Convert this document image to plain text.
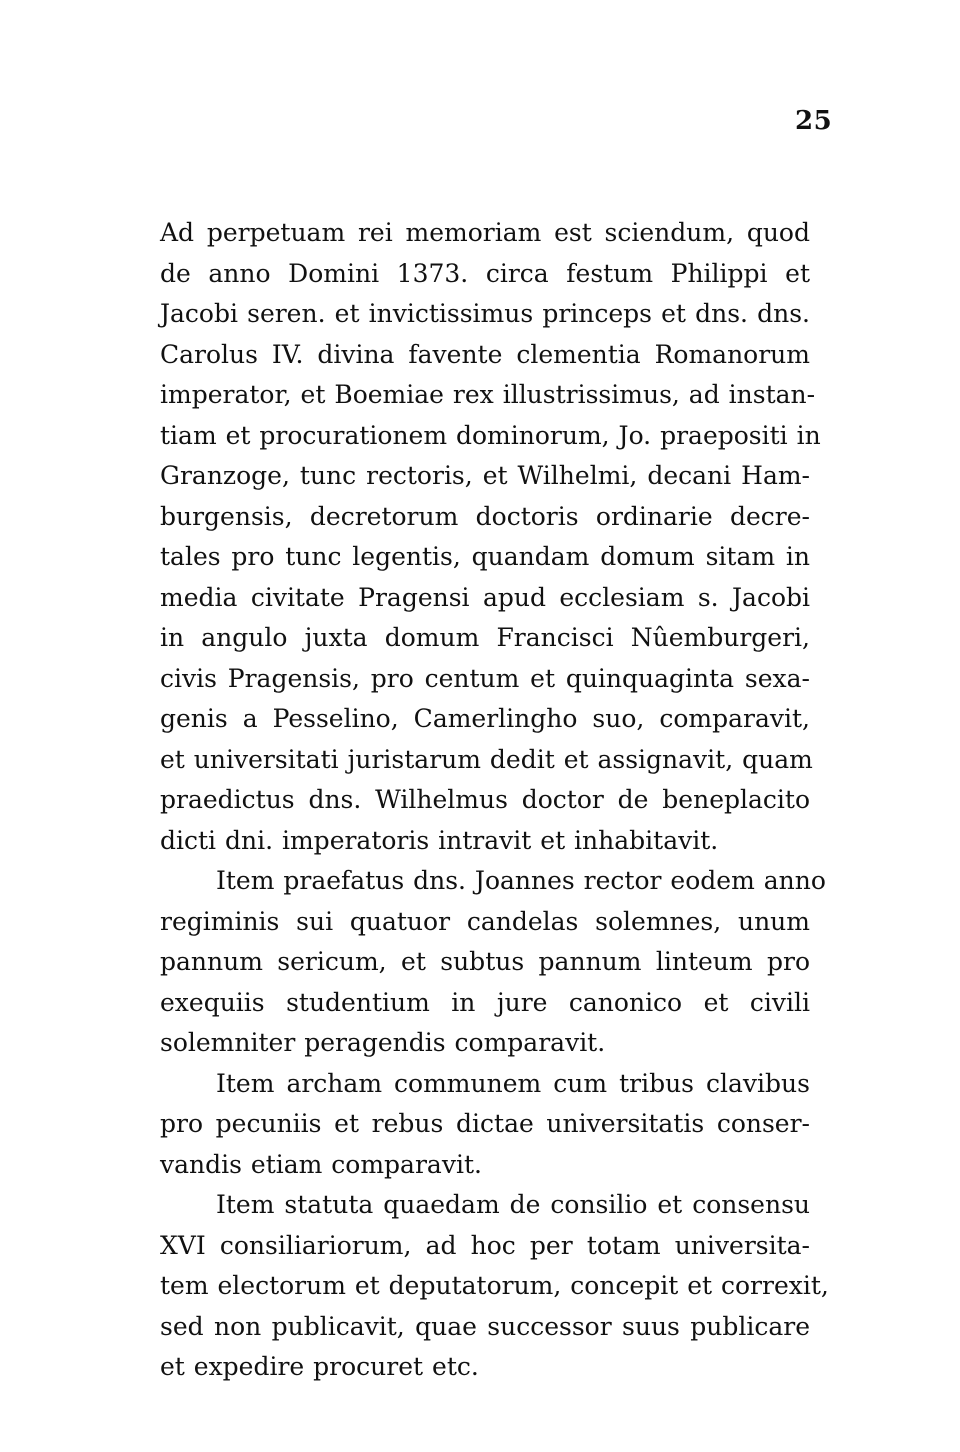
25

Ad perpetuam rei memoriam est sciendum, quod
de anno Domini 1373. circa festum Philippi et
Jacobi seren. et invictissimus princeps et dns. dns.
Carolus IV. divina favente clementia Romanorum
imperator, et Boemiae rex illustrissimus, ad instan-
tiam et procurationem dominorum, Jo. praepositi in
Granzoge, tunc rectoris, et Wilhelmi, decani Ham-
burgensis, decretorum doctoris ordinarie decre-
tales pro tunc legentis, quandam domum sitam in
media civitate Pragensi apud ecclesiam s. Jacobi
in angulo juxta domum Francisci Nûemburgeri,
civis Pragensis, pro centum et quinquaginta sexa-
genis a Pesselino, Camerlingho suo, comparavit,
et universitati juristarum dedit et assignavit, quam
praedictus dns. Wilhelmus doctor de beneplacito
dicti dni. imperatoris intravit et inhabitavit.

Item praefatus dns. Joannes rector eodem anno
regiminis sui quatuor candelas solemnes, unum
pannum sericum, et subtus pannum linteum pro
exequiis studentium in jure canonico et civili
solemniter peragendis comparavit.

Item archam communem cum tribus clavibus
pro pecuniis et rebus dictae universitatis conser-
vandis etiam comparavit.

Item statuta quaedam de consilio et consensu
XVI consiliariorum, ad hoc per totam universita-
tem electorum et deputatorum, concepit et correxit,
sed non publicavit, quae successor suus publicare
et expedire procuret etc.
